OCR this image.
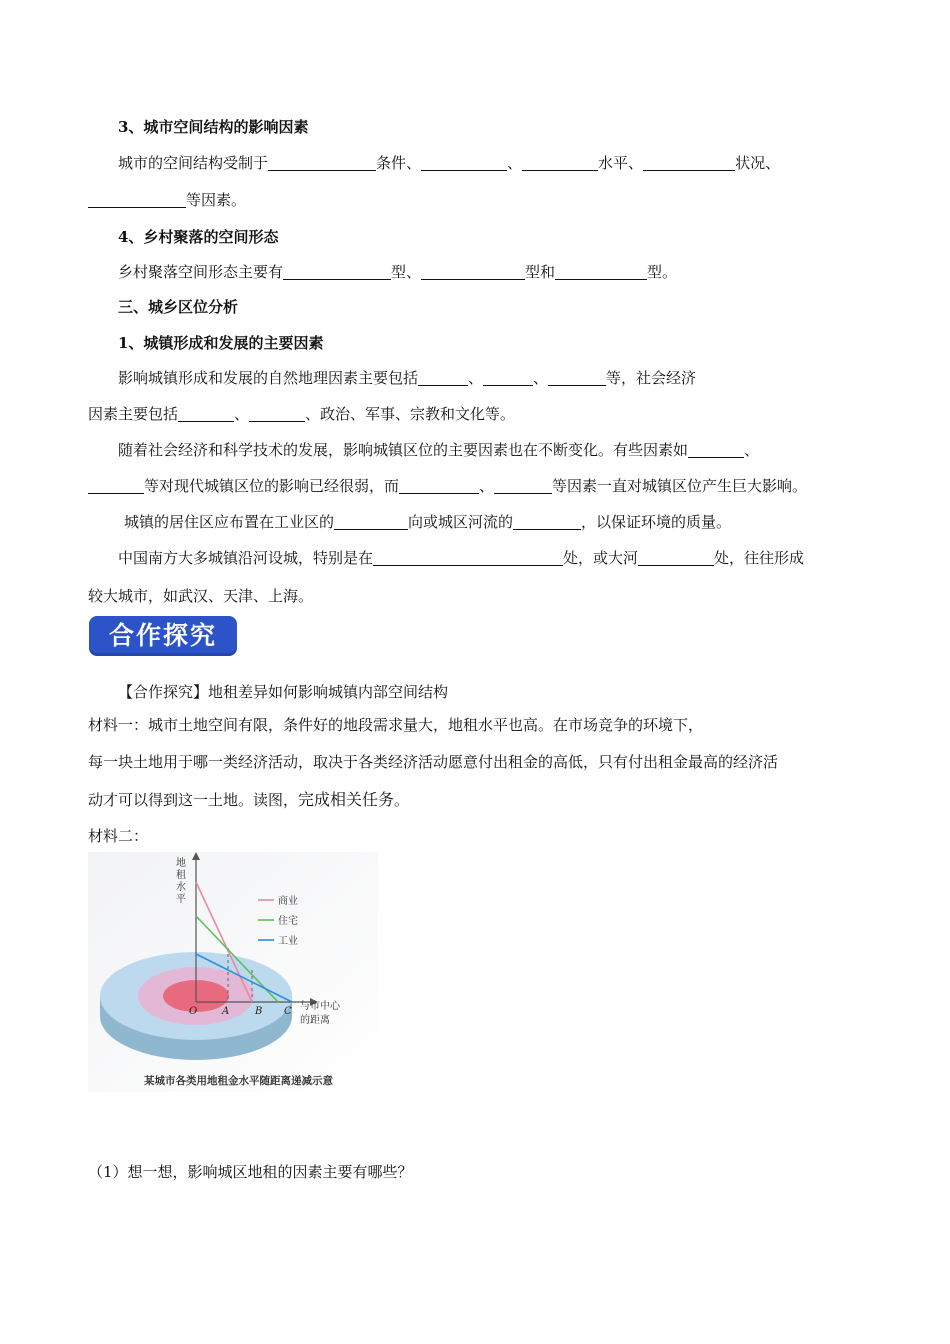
3、城市空间结构的影响因素
城市的空间结构受制于	条件、	、	水平、	状况、
等因素。
4、乡村聚落的空间形态
乡村聚落空间形态主要有	型、	型和	型。
三、城乡区位分析
1、城镇形成和发展的主要因素
影响城镇形成和发展的自然地理因素主要包括	、	、	等，社会经济
因素主要包括	、	、政治、军事、宗教和文化等。
随着社会经济和科学技术的发展，影响城镇区位的主要因素也在不断变化。有些因素如	、
等对现代城镇区位的影响已经很弱，而	、	等因素一直对城镇区位产生巨大影响。
城镇的居住区应布置在工业区的	向或城区河流的	，以保证环境的质量。
中国南方大多城镇沿河设城，特别是在	处，或大河	处，往往形成
较大城市，如武汉、天津、上海。
合作探究
【合作探究】地租差异如何影响城镇内部空间结构
材料一：城市土地空间有限，条件好的地段需求量大，地租水平也高。在市场竞争的环境下，
每一块土地用于哪一类经济活动，取决于各类经济活动愿意付出租金的高低，只有付出租金最高的经济活
动才可以得到这一土地。读图，完成相关任务。
材料二：
商业
住宅
工业
地
租
水
平
与市中心
的距离
O A	B C
某城市各类用地租金水平随距离递减示意
（1）想一想，影响城区地租的因素主要有哪些？
